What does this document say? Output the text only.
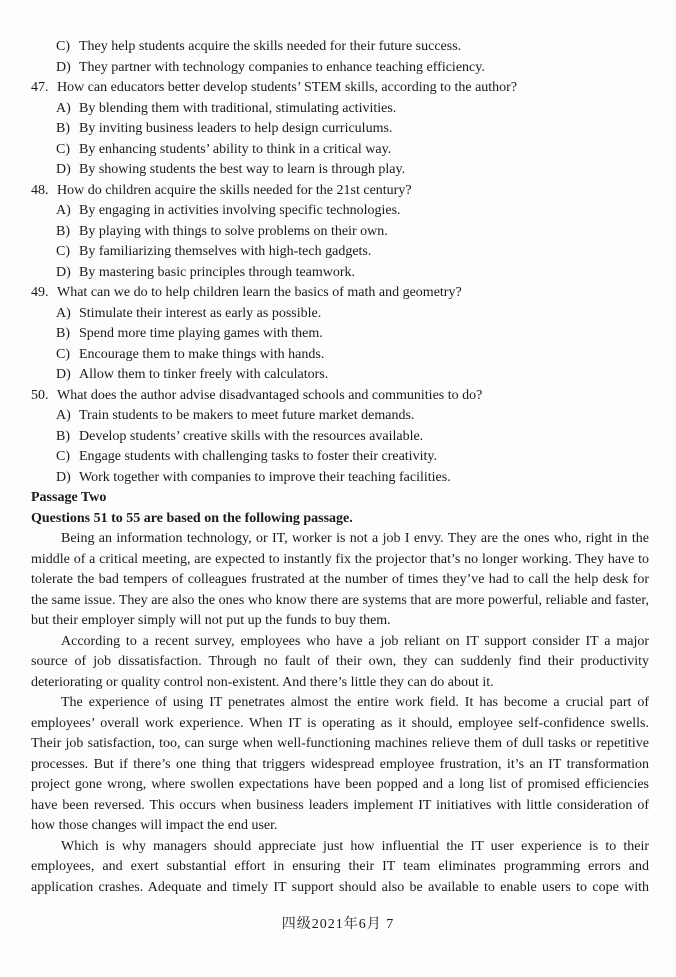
C) They help students acquire the skills needed for their future success.
D) They partner with technology companies to enhance teaching efficiency.
47. How can educators better develop students’ STEM skills, according to the author?
A) By blending them with traditional, stimulating activities.
B) By inviting business leaders to help design curriculums.
C) By enhancing students’ ability to think in a critical way.
D) By showing students the best way to learn is through play.
48. How do children acquire the skills needed for the 21st century?
A) By engaging in activities involving specific technologies.
B) By playing with things to solve problems on their own.
C) By familiarizing themselves with high-tech gadgets.
D) By mastering basic principles through teamwork.
49. What can we do to help children learn the basics of math and geometry?
A) Stimulate their interest as early as possible.
B) Spend more time playing games with them.
C) Encourage them to make things with hands.
D) Allow them to tinker freely with calculators.
50. What does the author advise disadvantaged schools and communities to do?
A) Train students to be makers to meet future market demands.
B) Develop students’ creative skills with the resources available.
C) Engage students with challenging tasks to foster their creativity.
D) Work together with companies to improve their teaching facilities.
Passage Two
Questions 51 to 55 are based on the following passage.

Being an information technology, or IT, worker is not a job I envy. They are the ones who, right in the middle of a critical meeting, are expected to instantly fix the projector that’s no longer working. They have to tolerate the bad tempers of colleagues frustrated at the number of times they’ve had to call the help desk for the same issue. They are also the ones who know there are systems that are more powerful, reliable and faster, but their employer simply will not put up the funds to buy them.

According to a recent survey, employees who have a job reliant on IT support consider IT a major source of job dissatisfaction. Through no fault of their own, they can suddenly find their productivity deteriorating or quality control non-existent. And there’s little they can do about it.

The experience of using IT penetrates almost the entire work field. It has become a crucial part of employees’ overall work experience. When IT is operating as it should, employee self-confidence swells. Their job satisfaction, too, can surge when well-functioning machines relieve them of dull tasks or repetitive processes. But if there’s one thing that triggers widespread employee frustration, it’s an IT transformation project gone wrong, where swollen expectations have been popped and a long list of promised efficiencies have been reversed. This occurs when business leaders implement IT initiatives with little consideration of how those changes will impact the end user.

Which is why managers should appreciate just how influential the IT user experience is to their employees, and exert substantial effort in ensuring their IT team eliminates programming errors and application crashes. Adequate and timely IT support should also be available to enable users to cope with

四级2021年6月 7
